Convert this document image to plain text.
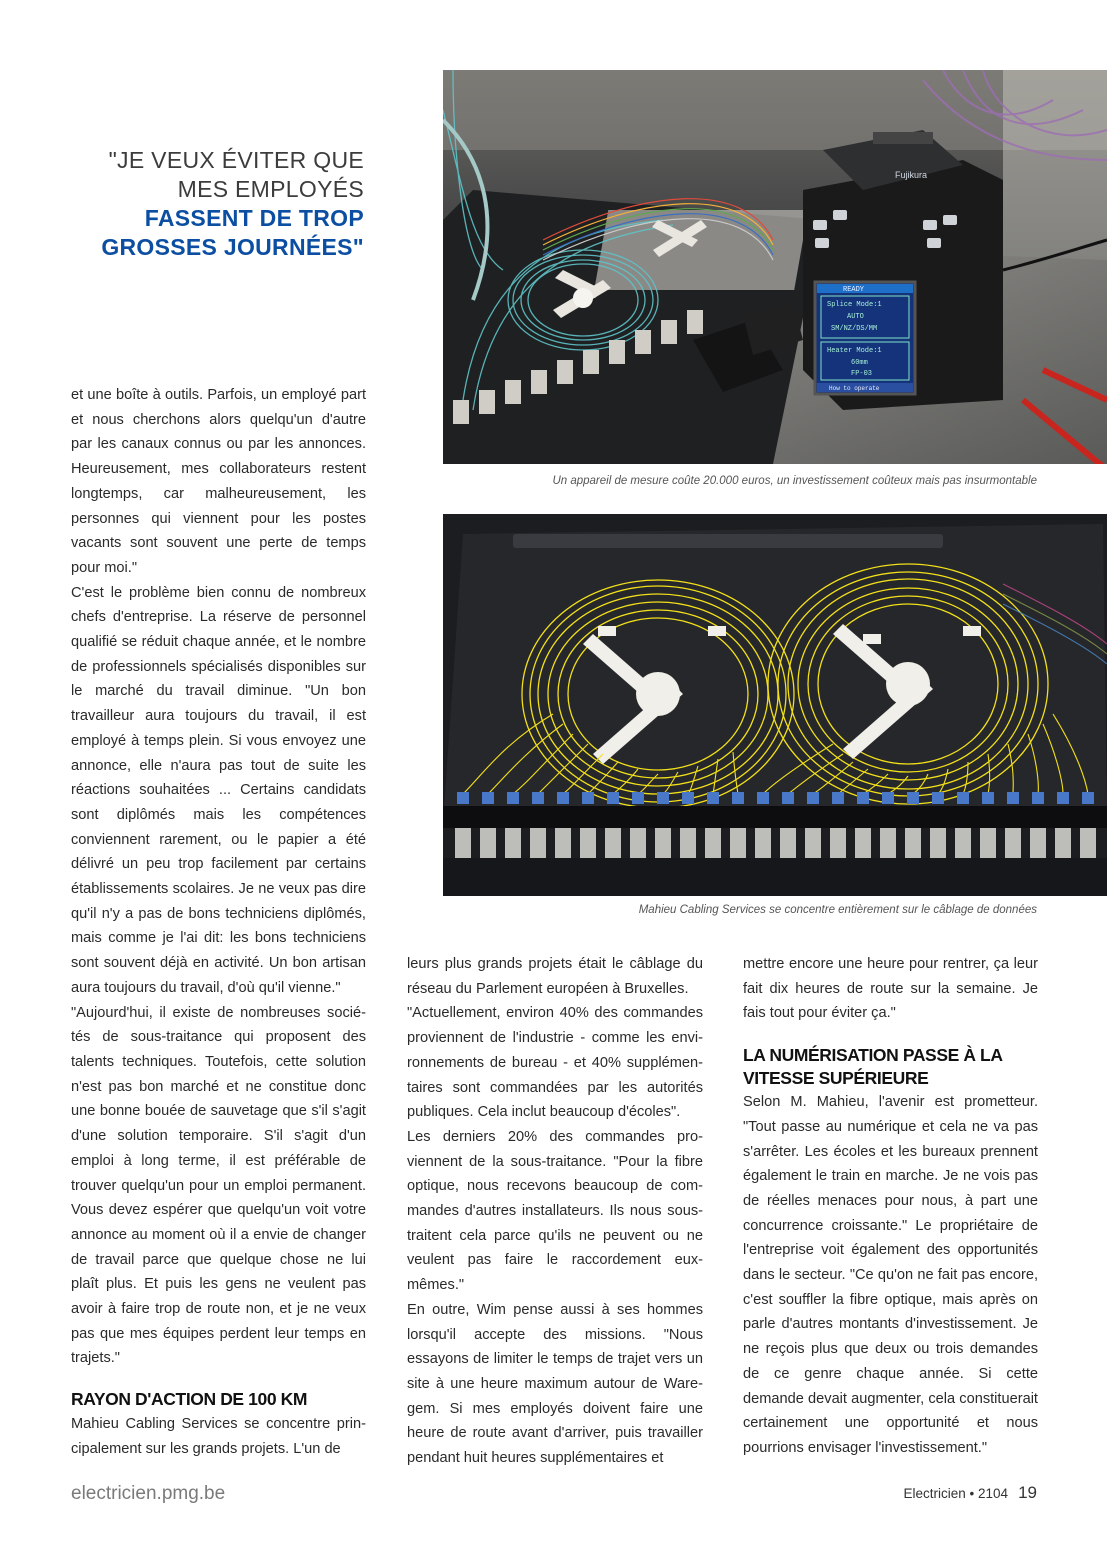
"JE VEUX ÉVITER QUE
MES EMPLOYÉS
FASSENT DE TROP
GROSSES JOURNÉES"
Fujikura
READY
Splice Mode:1
AUTO
SM/NZ/DS/MM
Heater Mode:1
60mm
FP-03
How to operate
Un appareil de mesure coûte 20.000 euros, un investissement coûteux mais pas insurmontable
Mahieu Cabling Services se concentre entièrement sur le câblage de données

et une boîte à outils. Parfois, un employé part et nous cherchons alors quelqu'un d'autre par les canaux connus ou par les annonces. Heureusement, mes collaborateurs restent longtemps, car malheureusement, les personnes qui viennent pour les postes vacants sont souvent une perte de temps pour moi."

C'est le problème bien connu de nombreux chefs d'entreprise. La réserve de personnel qualifié se réduit chaque année, et le nombre de professionnels spécialisés disponibles sur le marché du travail diminue. "Un bon travailleur aura toujours du travail, il est employé à temps plein. Si vous envoyez une annonce, elle n'aura pas tout de suite les réactions souhaitées ... Certains candidats sont diplômés mais les compétences conviennent rarement, ou le papier a été délivré un peu trop facilement par certains établissements scolaires. Je ne veux pas dire qu'il n'y a pas de bons techniciens diplômés, mais comme je l'ai dit: les bons techniciens sont souvent déjà en activité. Un bon artisan aura toujours du travail, d'où qu'il vienne."

"Aujourd'hui, il existe de nombreuses sociétés de sous-traitance qui proposent des talents techniques. Toutefois, cette solution n'est pas bon marché et ne constitue donc une bonne bouée de sauvetage que s'il s'agit d'une solution temporaire. S'il s'agit d'un emploi à long terme, il est préférable de trouver quelqu'un pour un emploi permanent. Vous devez espérer que quelqu'un voit votre annonce au moment où il a envie de changer de travail parce que quelque chose ne lui plaît plus. Et puis les gens ne veulent pas avoir à faire trop de route non, et je ne veux pas que mes équipes perdent leur temps en trajets."

RAYON D'ACTION DE 100 KM

Mahieu Cabling Services se concentre principalement sur les grands projets. L'un de

leurs plus grands projets était le câblage du réseau du Parlement européen à Bruxelles.

"Actuellement, environ 40% des commandes proviennent de l'industrie - comme les environnements de bureau - et 40% supplémentaires sont commandées par les autorités publiques. Cela inclut beaucoup d'écoles".

Les derniers 20% des commandes proviennent de la sous-traitance. "Pour la fibre optique, nous recevons beaucoup de commandes d'autres installateurs. Ils nous soustraitent cela parce qu'ils ne peuvent ou ne veulent pas faire le raccordement eux-mêmes."

En outre, Wim pense aussi à ses hommes lorsqu'il accepte des missions. "Nous essayons de limiter le temps de trajet vers un site à une heure maximum autour de Waregem. Si mes employés doivent faire une heure de route avant d'arriver, puis travailler pendant huit heures supplémentaires et

mettre encore une heure pour rentrer, ça leur fait dix heures de route sur la semaine. Je fais tout pour éviter ça."

LA NUMÉRISATION PASSE À LA VITESSE SUPÉRIEURE

Selon M. Mahieu, l'avenir est prometteur. "Tout passe au numérique et cela ne va pas s'arrêter. Les écoles et les bureaux prennent également le train en marche. Je ne vois pas de réelles menaces pour nous, à part une concurrence croissante." Le propriétaire de l'entreprise voit également des opportunités dans le secteur. "Ce qu'on ne fait pas encore, c'est souffler la fibre optique, mais après on parle d'autres montants d'investissement. Je ne reçois plus que deux ou trois demandes de ce genre chaque année. Si cette demande devait augmenter, cela constituerait certainement une opportunité et nous pourrions envisager l'investissement."

electricien.pmg.be	Electricien • 2104 19
